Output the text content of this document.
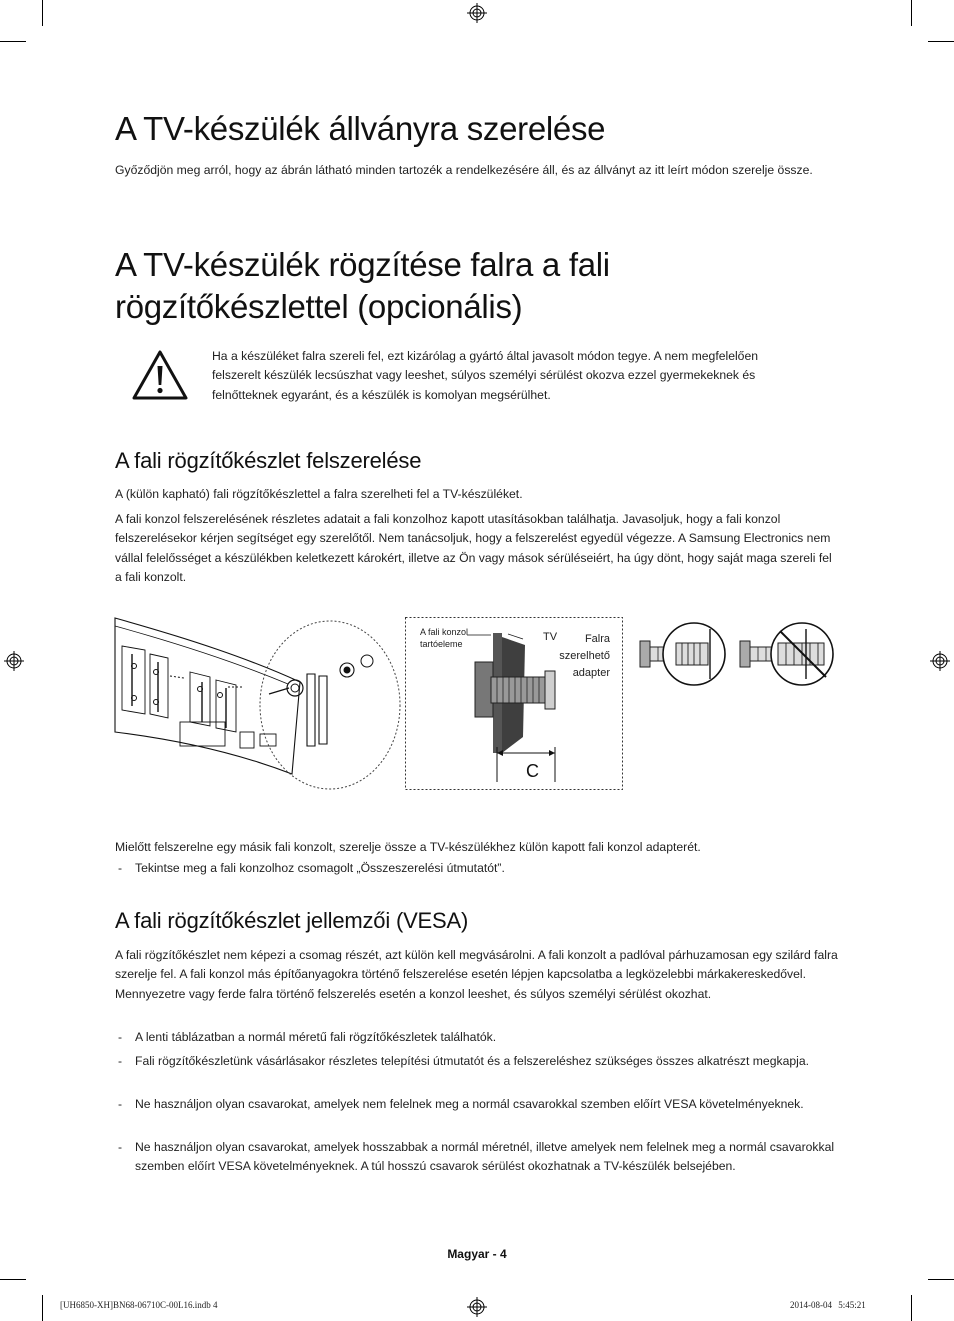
A TV-készülék állványra szerelése
Győződjön meg arról, hogy az ábrán látható minden tartozék a rendelkezésére áll, és az állványt az itt leírt módon szerelje össze.
A TV-készülék rögzítése falra a fali
rögzítőkészlettel (opcionális)
Ha a készüléket falra szereli fel, ezt kizárólag a gyártó által javasolt módon tegye. A nem megfelelően felszerelt készülék lecsúszhat vagy leeshet, súlyos személyi sérülést okozva ezzel gyermekeknek és felnőtteknek egyaránt, és a készülék is komolyan megsérülhet.
A fali rögzítőkészlet felszerelése
A (külön kapható) fali rögzítőkészlettel a falra szerelheti fel a TV-készüléket.
A fali konzol felszerelésének részletes adatait a fali konzolhoz kapott utasításokban találhatja. Javasoljuk, hogy a fali konzol felszerelésekor kérjen segítséget egy szerelőtől. Nem tanácsoljuk, hogy a felszerelést egyedül végezze. A Samsung Electronics nem vállal felelősséget a készülékben keletkezett károkért, illetve az Ön vagy mások sérüléseiért, ha úgy dönt, hogy saját maga szereli fel a fali konzolt.
A fali konzol
tartóeleme
TV	Falra
szerelhető
adapter
C
Mielőtt felszerelne egy másik fali konzolt, szerelje össze a TV-készülékhez külön kapott fali konzol adapterét.
- Tekintse meg a fali konzolhoz csomagolt „Összeszerelési útmutatót”.
A fali rögzítőkészlet jellemzői (VESA)
A fali rögzítőkészlet nem képezi a csomag részét, azt külön kell megvásárolni. A fali konzolt a padlóval párhuzamosan egy szilárd falra szerelje fel. A fali konzol más építőanyagokra történő felszerelése esetén lépjen kapcsolatba a legközelebbi márkakereskedővel. Mennyezetre vagy ferde falra történő felszerelés esetén a konzol leeshet, és súlyos személyi sérülést okozhat.
- A lenti táblázatban a normál méretű fali rögzítőkészletek találhatók.
- Fali rögzítőkészletünk vásárlásakor részletes telepítési útmutatót és a felszereléshez szükséges összes alkatrészt megkapja.
- Ne használjon olyan csavarokat, amelyek nem felelnek meg a normál csavarokkal szemben előírt VESA követelményeknek.
- Ne használjon olyan csavarokat, amelyek hosszabbak a normál méretnél, illetve amelyek nem felelnek meg a normál csavarokkal szemben előírt VESA követelményeknek. A túl hosszú csavarok sérülést okozhatnak a TV-készülék belsejében.
Magyar - 4
[UH6850-XH]BN68-06710C-00L16.indb 4	2014-08-04   5:45:21
